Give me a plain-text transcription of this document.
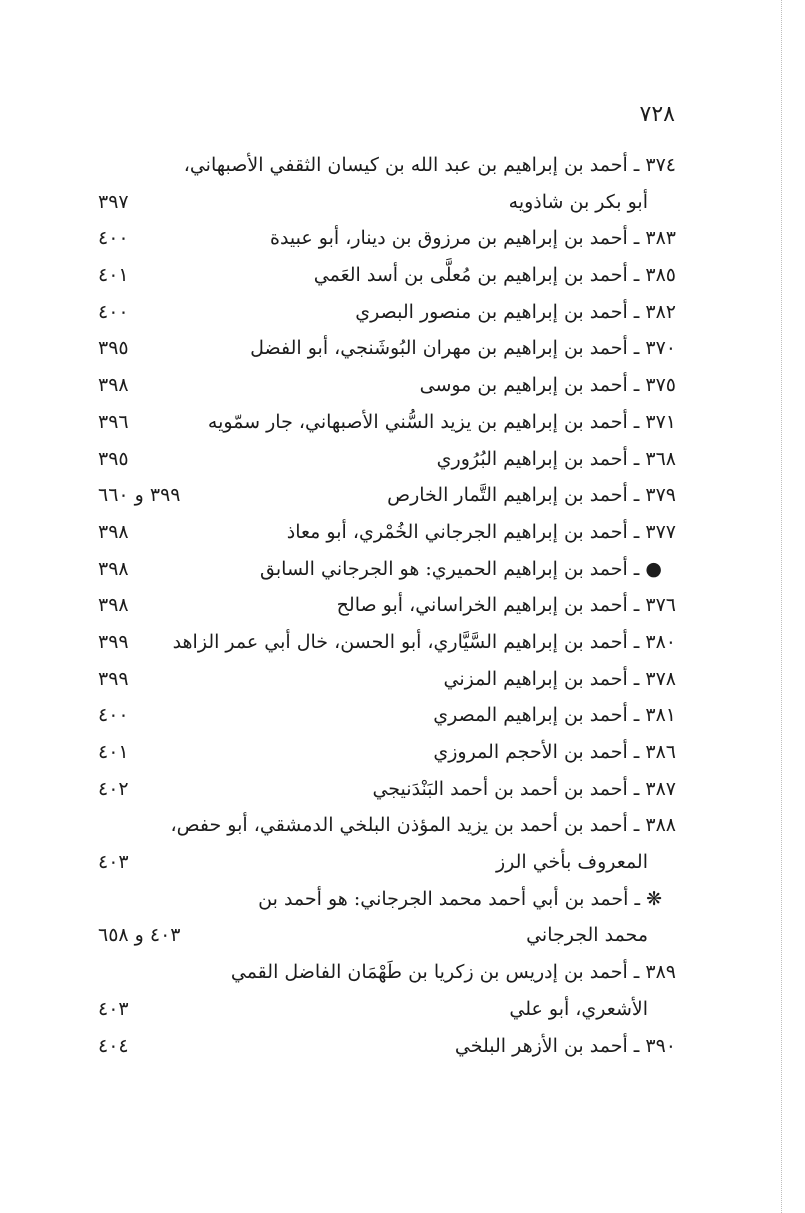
٧٢٨
٣٧٤ ـ أحمد بن إبراهيم بن عبد الله بن كيسان الثقفي الأصبهاني،
أبو بكر بن شاذويه
٣٩٧
٣٨٣ ـ أحمد بن إبراهيم بن مرزوق بن دينار، أبو عبيدة
٤٠٠
٣٨٥ ـ أحمد بن إبراهيم بن مُعلَّى بن أسد العَمي
٤٠١
٣٨٢ ـ أحمد بن إبراهيم بن منصور البصري
٤٠٠
٣٧٠ ـ أحمد بن إبراهيم بن مهران البُوشَنجي، أبو الفضل
٣٩٥
٣٧٥ ـ أحمد بن إبراهيم بن موسى
٣٩٨
٣٧١ ـ أحمد بن إبراهيم بن يزيد السُّني الأصبهاني، جار سمّويه
٣٩٦
٣٦٨ ـ أحمد بن إبراهيم البُرُوري
٣٩٥
٣٧٩ ـ أحمد بن إبراهيم التَّمار الخارص
٣٩٩ و ٦٦٠
٣٧٧ ـ أحمد بن إبراهيم الجرجاني الخُمْري، أبو معاذ
٣٩٨
● ـ أحمد بن إبراهيم الحميري: هو الجرجاني السابق
٣٩٨
٣٧٦ ـ أحمد بن إبراهيم الخراساني، أبو صالح
٣٩٨
٣٨٠ ـ أحمد بن إبراهيم السَّيَّاري، أبو الحسن، خال أبي عمر الزاهد
٣٩٩
٣٧٨ ـ أحمد بن إبراهيم المزني
٣٩٩
٣٨١ ـ أحمد بن إبراهيم المصري
٤٠٠
٣٨٦ ـ أحمد بن الأحجم المروزي
٤٠١
٣٨٧ ـ أحمد بن أحمد بن أحمد البَنْدَنيجي
٤٠٢
٣٨٨ ـ أحمد بن أحمد بن يزيد المؤذن البلخي الدمشقي، أبو حفص،
المعروف بأخي الرز
٤٠٣
❋ ـ أحمد بن أبي أحمد محمد الجرجاني: هو أحمد بن
محمد الجرجاني
٤٠٣ و ٦٥٨
٣٨٩ ـ أحمد بن إدريس بن زكريا بن طَهْمَان الفاضل القمي
الأشعري، أبو علي
٤٠٣
٣٩٠ ـ أحمد بن الأزهر البلخي
٤٠٤
